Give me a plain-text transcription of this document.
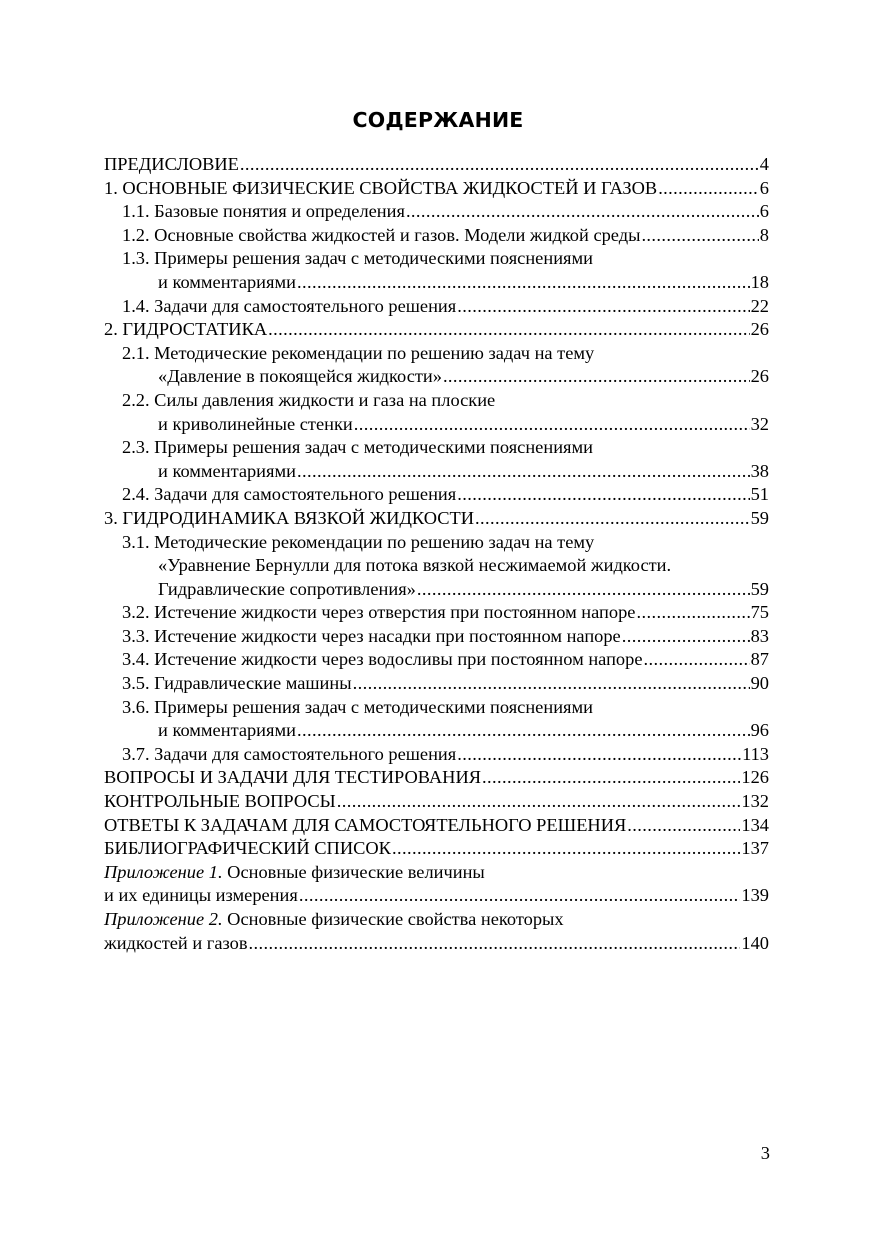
СОДЕРЖАНИЕ
ПРЕДИСЛОВИЕ .....	4
1. ОСНОВНЫЕ ФИЗИЧЕСКИЕ СВОЙСТВА ЖИДКОСТЕЙ И ГАЗОВ .....	6
1.1. Базовые понятия и определения .....	6
1.2. Основные свойства жидкостей и газов. Модели жидкой среды .....	8
1.3. Примеры решения задач с методическими пояснениями
и комментариями .....	18
1.4. Задачи для самостоятельного решения .....	22
2. ГИДРОСТАТИКА .....	26
2.1. Методические рекомендации по решению задач на тему
«Давление в покоящейся жидкости» .....	26
2.2. Силы давления жидкости и газа на плоские
и криволинейные стенки .....	32
2.3. Примеры решения задач с методическими пояснениями
и комментариями .....	38
2.4. Задачи для самостоятельного решения .....	51
3. ГИДРОДИНАМИКА ВЯЗКОЙ ЖИДКОСТИ .....	59
3.1. Методические рекомендации по решению задач на тему
«Уравнение Бернулли для потока вязкой несжимаемой жидкости.
Гидравлические сопротивления» .....	59
3.2. Истечение жидкости через отверстия при постоянном напоре .....	75
3.3. Истечение жидкости через насадки при постоянном напоре .....	83
3.4. Истечение жидкости через водосливы при постоянном напоре .....	87
3.5. Гидравлические машины .....	90
3.6. Примеры решения задач с методическими пояснениями
и комментариями .....	96
3.7. Задачи для самостоятельного решения .....	113
ВОПРОСЫ И ЗАДАЧИ ДЛЯ ТЕСТИРОВАНИЯ .....	126
КОНТРОЛЬНЫЕ ВОПРОСЫ .....	132
ОТВЕТЫ К ЗАДАЧАМ ДЛЯ САМОСТОЯТЕЛЬНОГО РЕШЕНИЯ .....	134
БИБЛИОГРАФИЧЕСКИЙ СПИСОК .....	137
Приложение 1. Основные физические величины
и их единицы измерения .....	139
Приложение 2. Основные физические свойства некоторых
жидкостей и газов .....	140
3
